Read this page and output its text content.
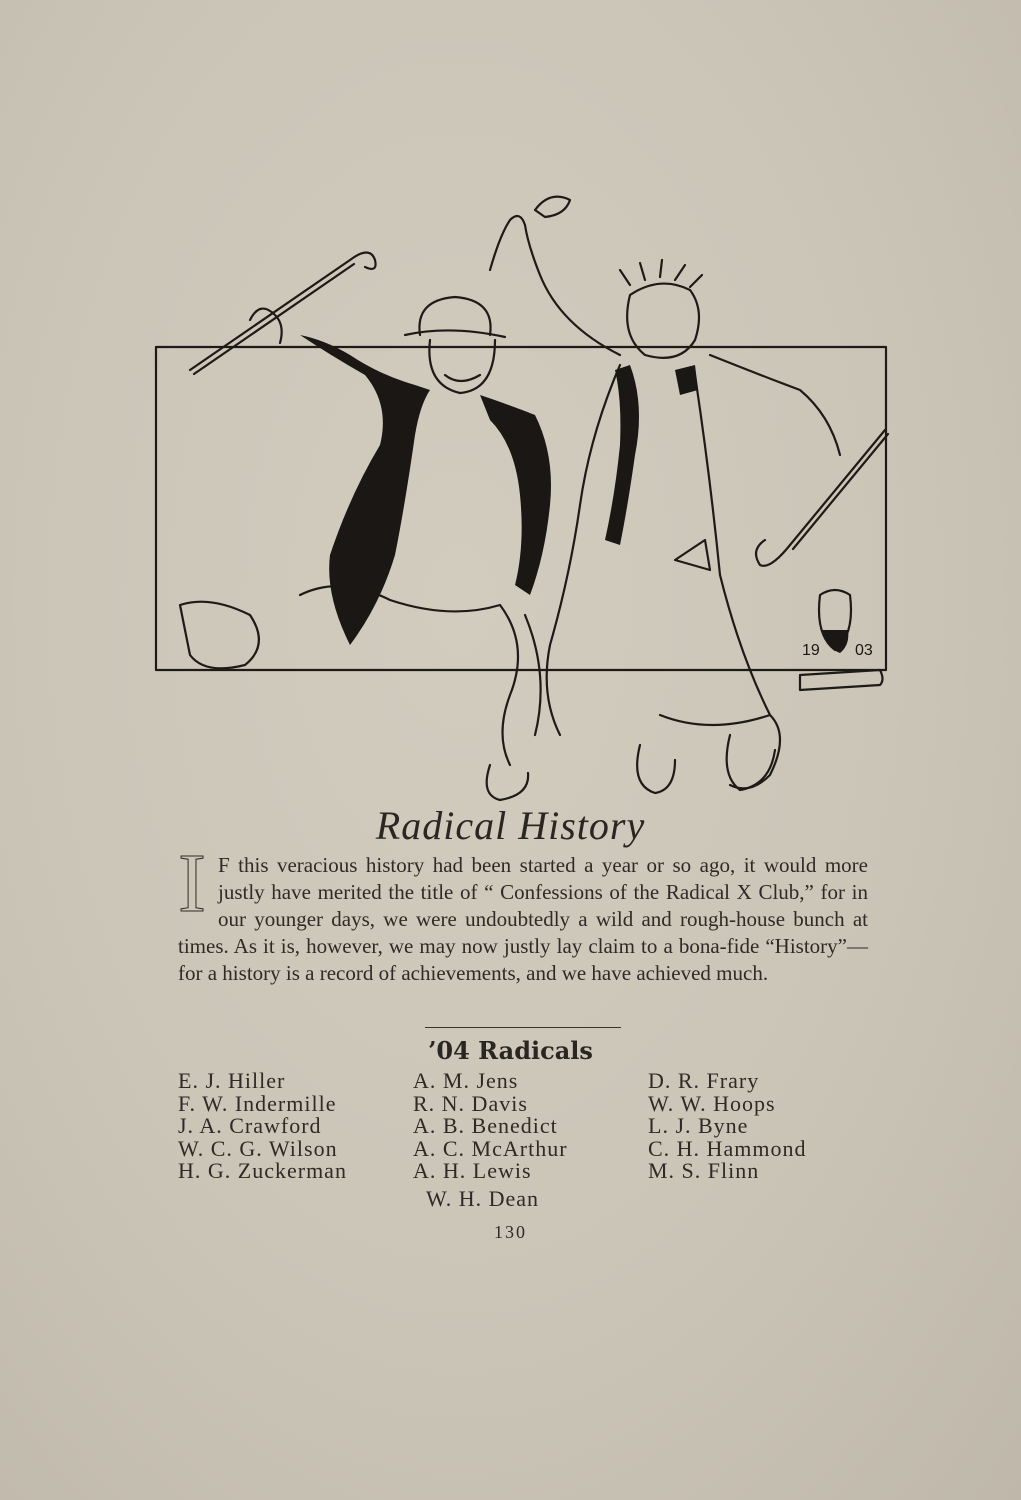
19 03
Radical History
I F this veracious history had been started a year or so ago, it would more justly have merited the title of “ Confessions of the Radical X Club,” for in our younger days, we were undoubtedly a wild and rough-house bunch at times. As it is, however, we may now justly lay claim to a bona-fide “History”—for a history is a record of achievements, and we have achieved much.
’04 Radicals
E. J. Hiller
F. W. Indermille
J. A. Crawford
W. C. G. Wilson
H. G. Zuckerman
A. M. Jens
R. N. Davis
A. B. Benedict
A. C. McArthur
A. H. Lewis
D. R. Frary
W. W. Hoops
L. J. Byne
C. H. Hammond
M. S. Flinn
W. H. Dean
130
